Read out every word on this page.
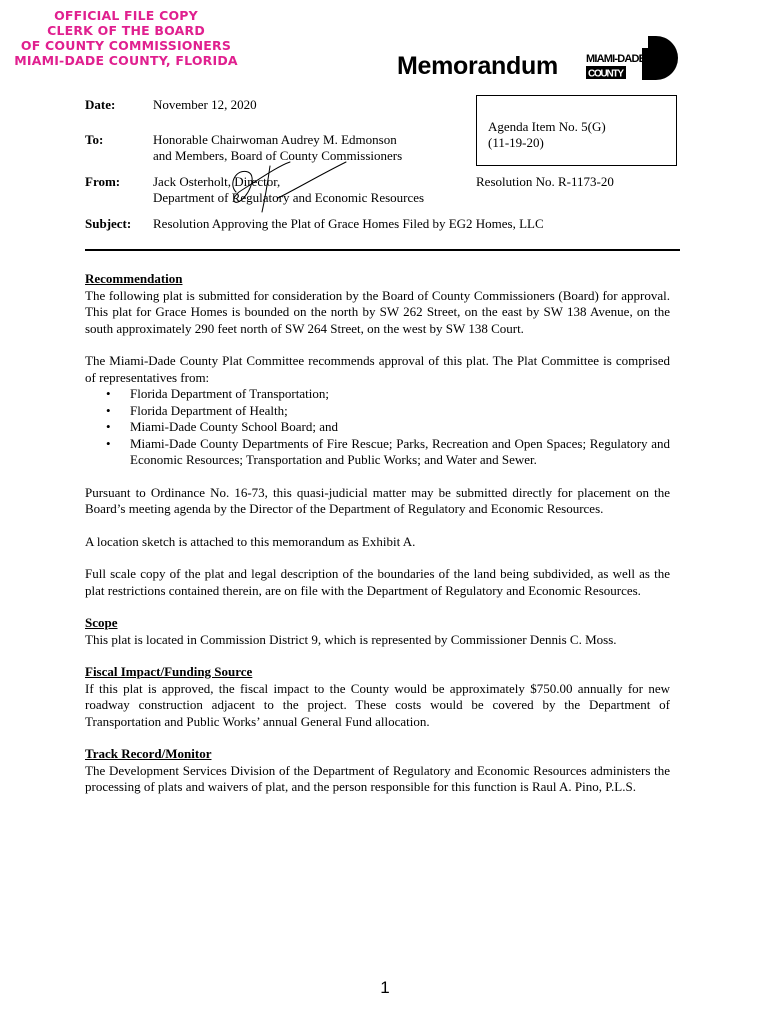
OFFICIAL FILE COPY
CLERK OF THE BOARD
OF COUNTY COMMISSIONERS
MIAMI-DADE COUNTY, FLORIDA	Memorandum	MIAMI-DADE
COUNTY
Agenda Item No. 5(G)
(11-19-20)
Resolution No. R-1173-20
Date:	November 12, 2020
To:	Honorable Chairwoman Audrey M. Edmonson
and Members, Board of County Commissioners
From:	Jack Osterholt, Director,
Department of Regulatory and Economic Resources
Subject: Resolution Approving the Plat of Grace Homes Filed by EG2 Homes, LLC
Recommendation

The following plat is submitted for consideration by the Board of County Commissioners (Board) for approval. This plat for Grace Homes is bounded on the north by SW 262 Street, on the east by SW 138 Avenue, on the south approximately 290 feet north of SW 264 Street, on the west by SW 138 Court.

The Miami-Dade County Plat Committee recommends approval of this plat. The Plat Committee is comprised of representatives from:

• Florida Department of Transportation;
• Florida Department of Health;
• Miami-Dade County School Board; and
• Miami-Dade County Departments of Fire Rescue; Parks, Recreation and Open Spaces; Regulatory and Economic Resources; Transportation and Public Works; and Water and Sewer.

Pursuant to Ordinance No. 16-73, this quasi-judicial matter may be submitted directly for placement on the Board’s meeting agenda by the Director of the Department of Regulatory and Economic Resources.

A location sketch is attached to this memorandum as Exhibit A.

Full scale copy of the plat and legal description of the boundaries of the land being subdivided, as well as the plat restrictions contained therein, are on file with the Department of Regulatory and Economic Resources.

Scope

This plat is located in Commission District 9, which is represented by Commissioner Dennis C. Moss.

Fiscal Impact/Funding Source

If this plat is approved, the fiscal impact to the County would be approximately $750.00 annually for new roadway construction adjacent to the project. These costs would be covered by the Department of Transportation and Public Works’ annual General Fund allocation.

Track Record/Monitor

The Development Services Division of the Department of Regulatory and Economic Resources administers the processing of plats and waivers of plat, and the person responsible for this function is Raul A. Pino, P.L.S.

1
